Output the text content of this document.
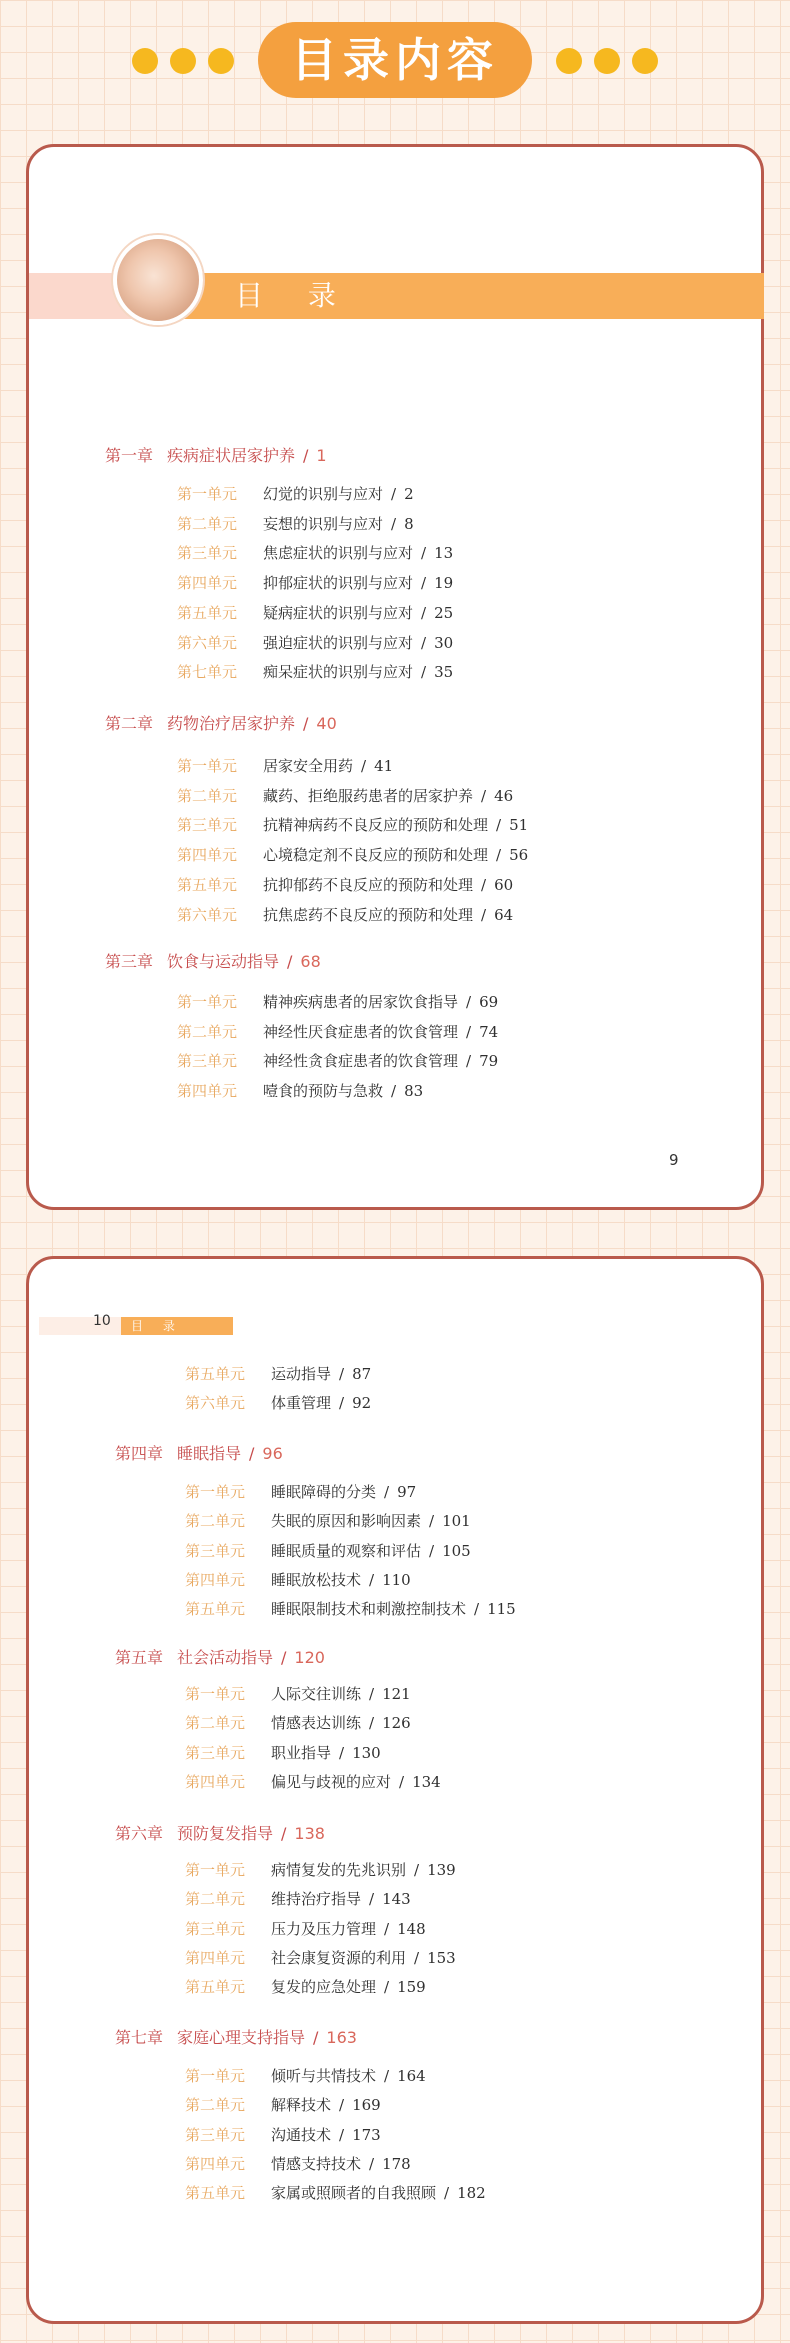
目录内容
目 录
第一章 疾病症状居家护养 / 1
第一单元 幻觉的识别与应对 / 2
第二单元 妄想的识别与应对 / 8
第三单元 焦虑症状的识别与应对 / 13
第四单元 抑郁症状的识别与应对 / 19
第五单元 疑病症状的识别与应对 / 25
第六单元 强迫症状的识别与应对 / 30
第七单元 痴呆症状的识别与应对 / 35
第二章 药物治疗居家护养 / 40
第一单元 居家安全用药 / 41
第二单元 藏药、拒绝服药患者的居家护养 / 46
第三单元 抗精神病药不良反应的预防和处理 / 51
第四单元 心境稳定剂不良反应的预防和处理 / 56
第五单元 抗抑郁药不良反应的预防和处理 / 60
第六单元 抗焦虑药不良反应的预防和处理 / 64
第三章 饮食与运动指导 / 68
第一单元 精神疾病患者的居家饮食指导 / 69
第二单元 神经性厌食症患者的饮食管理 / 74
第三单元 神经性贪食症患者的饮食管理 / 79
第四单元 噎食的预防与急救 / 83
9
10	目 录
第五单元 运动指导 / 87
第六单元 体重管理 / 92
第四章 睡眠指导 / 96
第一单元 睡眠障碍的分类 / 97
第二单元 失眠的原因和影响因素 / 101
第三单元 睡眠质量的观察和评估 / 105
第四单元 睡眠放松技术 / 110
第五单元 睡眠限制技术和刺激控制技术 / 115
第五章 社会活动指导 / 120
第一单元 人际交往训练 / 121
第二单元 情感表达训练 / 126
第三单元 职业指导 / 130
第四单元 偏见与歧视的应对 / 134
第六章 预防复发指导 / 138
第一单元 病情复发的先兆识别 / 139
第二单元 维持治疗指导 / 143
第三单元 压力及压力管理 / 148
第四单元 社会康复资源的利用 / 153
第五单元 复发的应急处理 / 159
第七章 家庭心理支持指导 / 163
第一单元 倾听与共情技术 / 164
第二单元 解释技术 / 169
第三单元 沟通技术 / 173
第四单元 情感支持技术 / 178
第五单元 家属或照顾者的自我照顾 / 182
